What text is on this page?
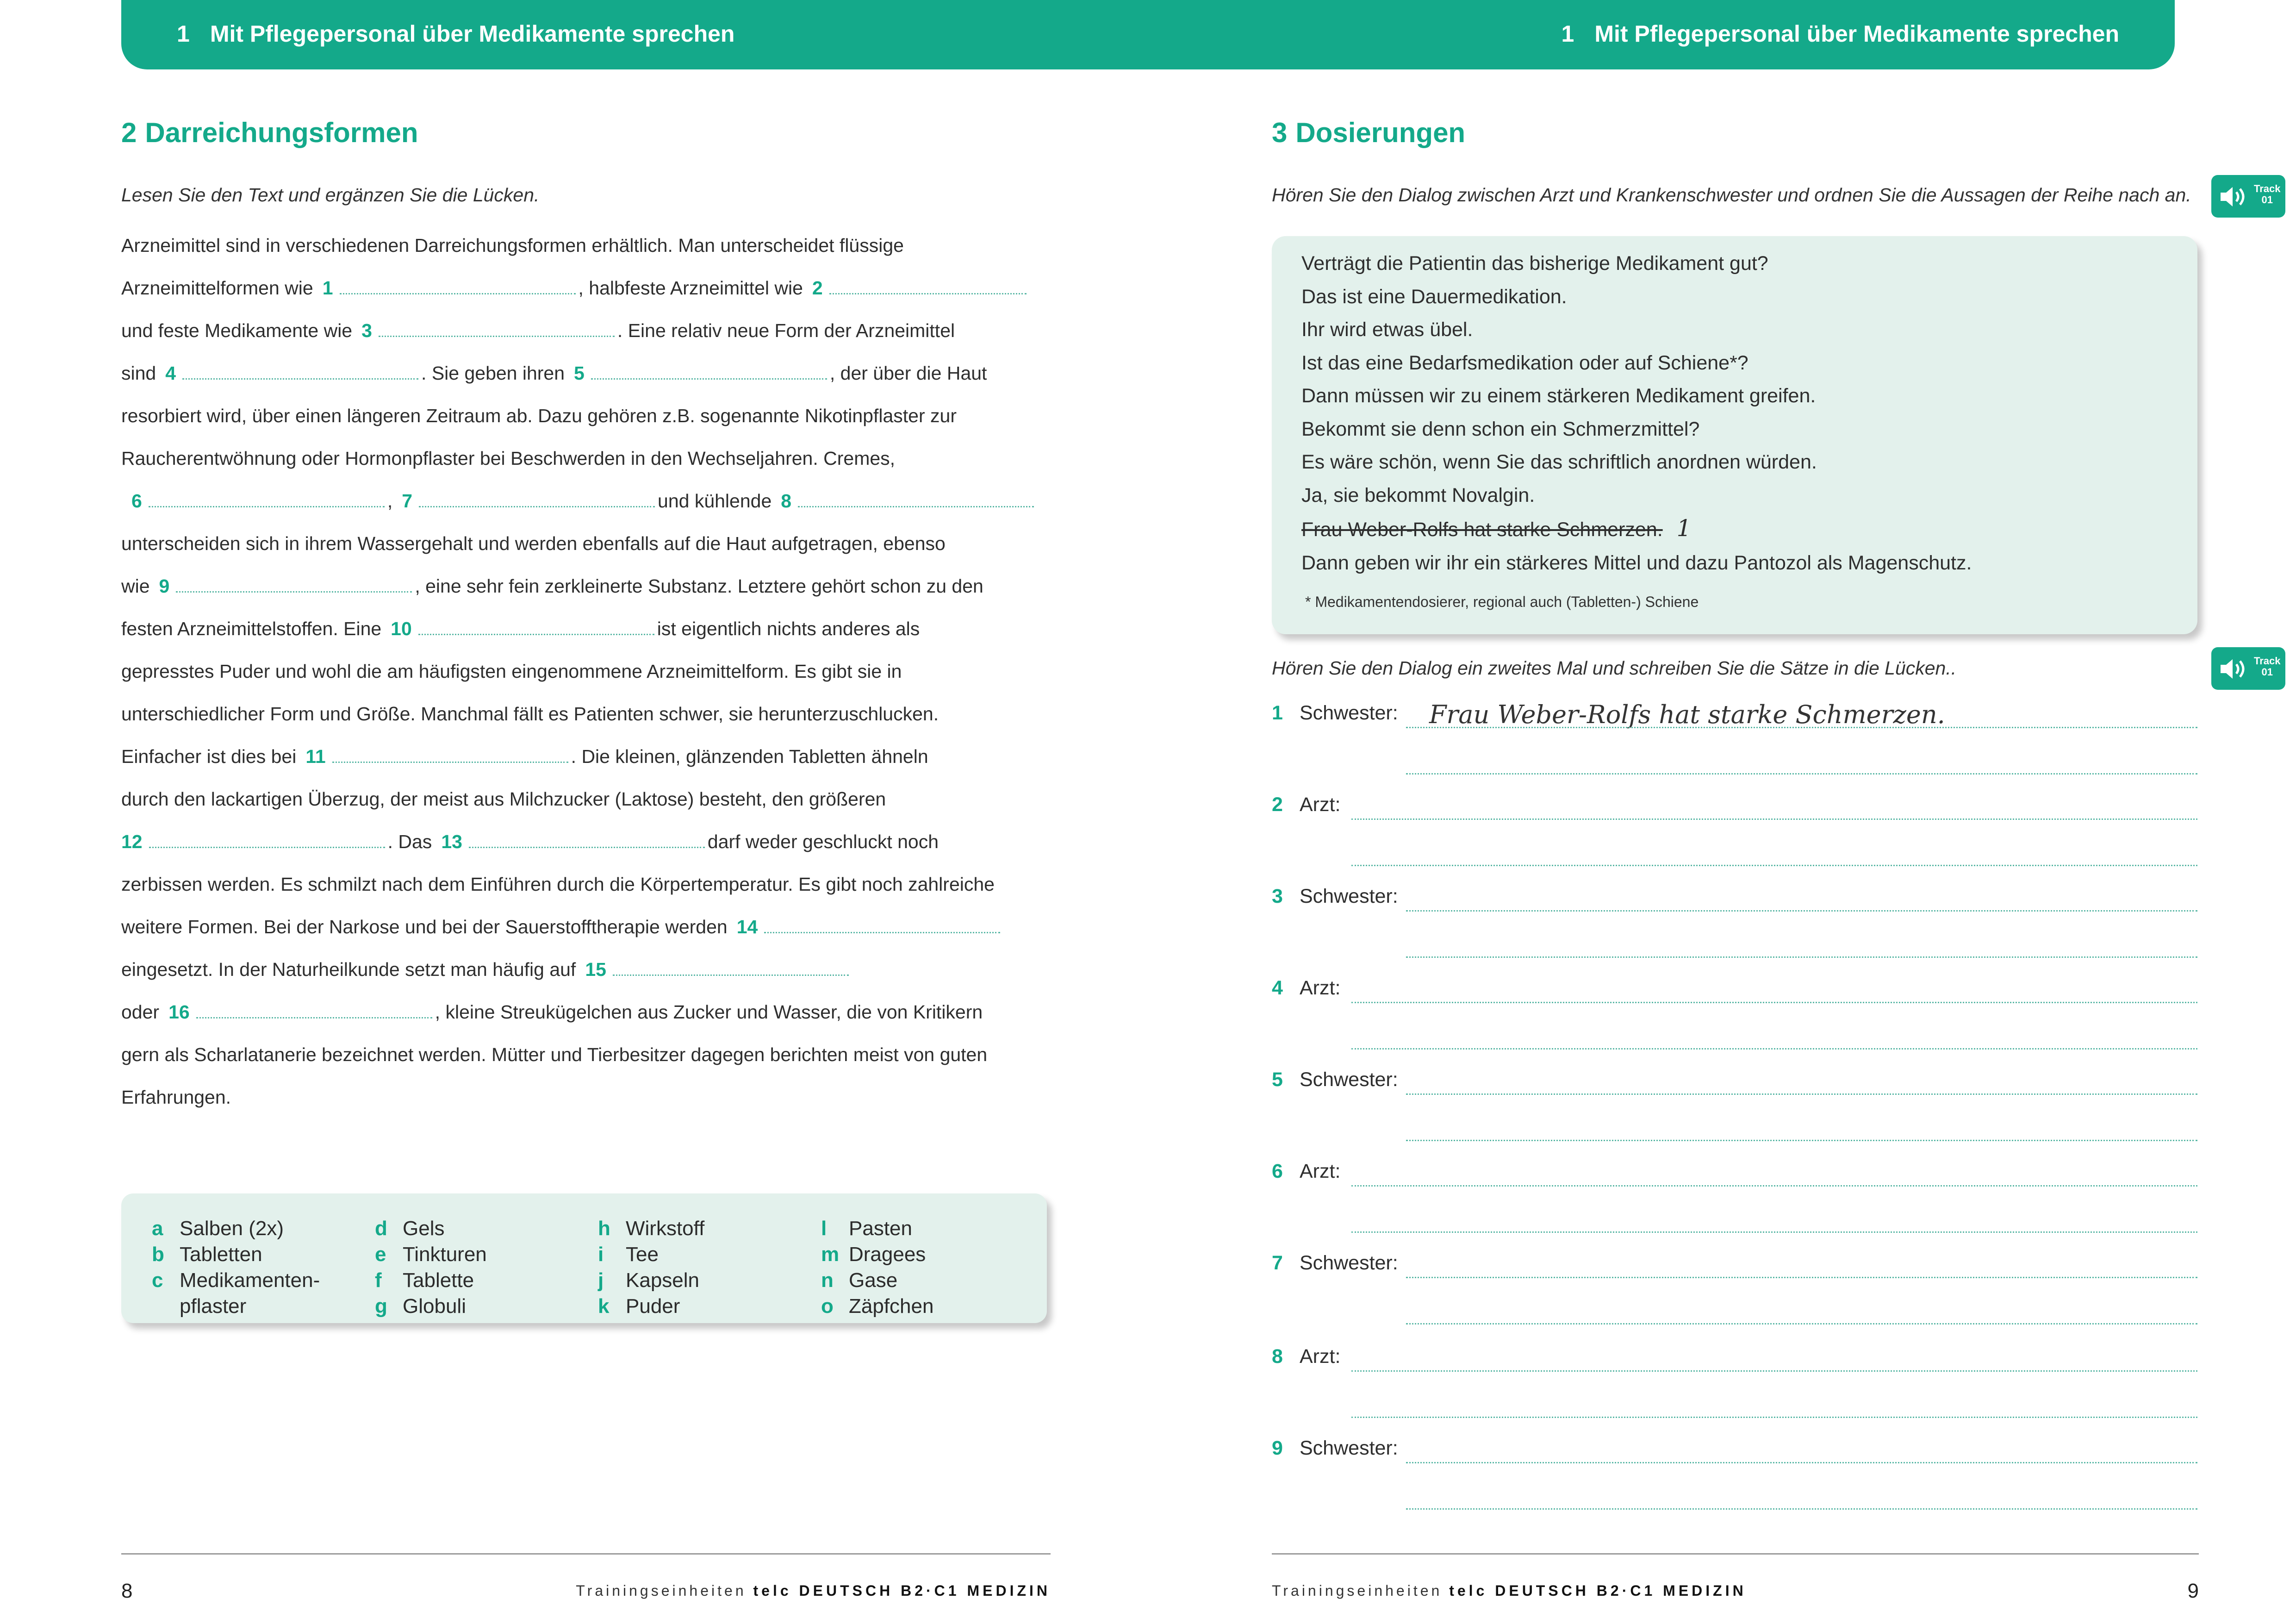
1 Mit Pflegepersonal über Medikamente sprechen
2 Darreichungsformen
Lesen Sie den Text und ergänzen Sie die Lücken.
Arzneimittel sind in verschiedenen Darreichungsformen erhältlich. Man unterscheidet flüssige
Arzneimittelformen wie 1	, halbfeste Arzneimittel wie 2
und feste Medikamente wie 3	. Eine relativ neue Form der Arzneimittel
sind 4	. Sie geben ihren 5	, der über die Haut
resorbiert wird, über einen längeren Zeitraum ab. Dazu gehören z.B. sogenannte Nikotinpflaster zur
Raucherentwöhnung oder Hormonpflaster bei Beschwerden in den Wechseljahren. Cremes,
6	, 7	und kühlende 8
unterscheiden sich in ihrem Wassergehalt und werden ebenfalls auf die Haut aufgetragen, ebenso
wie 9	, eine sehr fein zerkleinerte Substanz. Letztere gehört schon zu den
festen Arzneimittelstoffen. Eine 10	ist eigentlich nichts anderes als
gepresstes Puder und wohl die am häufigsten eingenommene Arzneimittelform. Es gibt sie in
unterschiedlicher Form und Größe. Manchmal fällt es Patienten schwer, sie herunterzuschlucken.
Einfacher ist dies bei 11	. Die kleinen, glänzenden Tabletten ähneln
durch den lackartigen Überzug, der meist aus Milchzucker (Laktose) besteht, den größeren
12	. Das 13	darf weder geschluckt noch
zerbissen werden. Es schmilzt nach dem Einführen durch die Körpertemperatur. Es gibt noch zahlreiche
weitere Formen. Bei der Narkose und bei der Sauerstofftherapie werden 14
eingesetzt. In der Naturheilkunde setzt man häufig auf 15
oder 16	, kleine Streukügelchen aus Zucker und Wasser, die von Kritikern
gern als Scharlatanerie bezeichnet werden. Mütter und Tierbesitzer dagegen berichten meist von guten
Erfahrungen.
a Salben (2x)
b Tabletten
c Medikamenten-
pflaster
d Gels
e Tinkturen
f Tablette
g Globuli
h Wirkstoff
i Tee
j Kapseln
k Puder
l Pasten
m Dragees
n Gase
o Zäpfchen
8	Trainingseinheiten telc DEUTSCH B2·C1 MEDIZIN
1 Mit Pflegepersonal über Medikamente sprechen
3 Dosierungen
Hören Sie den Dialog zwischen Arzt und Krankenschwester und ordnen Sie die Aussagen der Reihe nach an.	Track
01
Verträgt die Patientin das bisherige Medikament gut?
Das ist eine Dauermedikation.
Ihr wird etwas übel.
Ist das eine Bedarfsmedikation oder auf Schiene*?
Dann müssen wir zu einem stärkeren Medikament greifen.
Bekommt sie denn schon ein Schmerzmittel?
Es wäre schön, wenn Sie das schriftlich anordnen würden.
Ja, sie bekommt Novalgin.
Frau Weber-Rolfs hat starke Schmerzen. 1
Dann geben wir ihr ein stärkeres Mittel und dazu Pantozol als Magenschutz.
* Medikamentendosierer, regional auch (Tabletten-) Schiene
Hören Sie den Dialog ein zweites Mal und schreiben Sie die Sätze in die Lücken..	Track
01
1 Schwester: Frau Weber-Rolfs hat starke Schmerzen.
2 Arzt:
3 Schwester:
4 Arzt:
5 Schwester:
6 Arzt:
7 Schwester:
8 Arzt:
9 Schwester:
Trainingseinheiten telc DEUTSCH B2·C1 MEDIZIN	9
